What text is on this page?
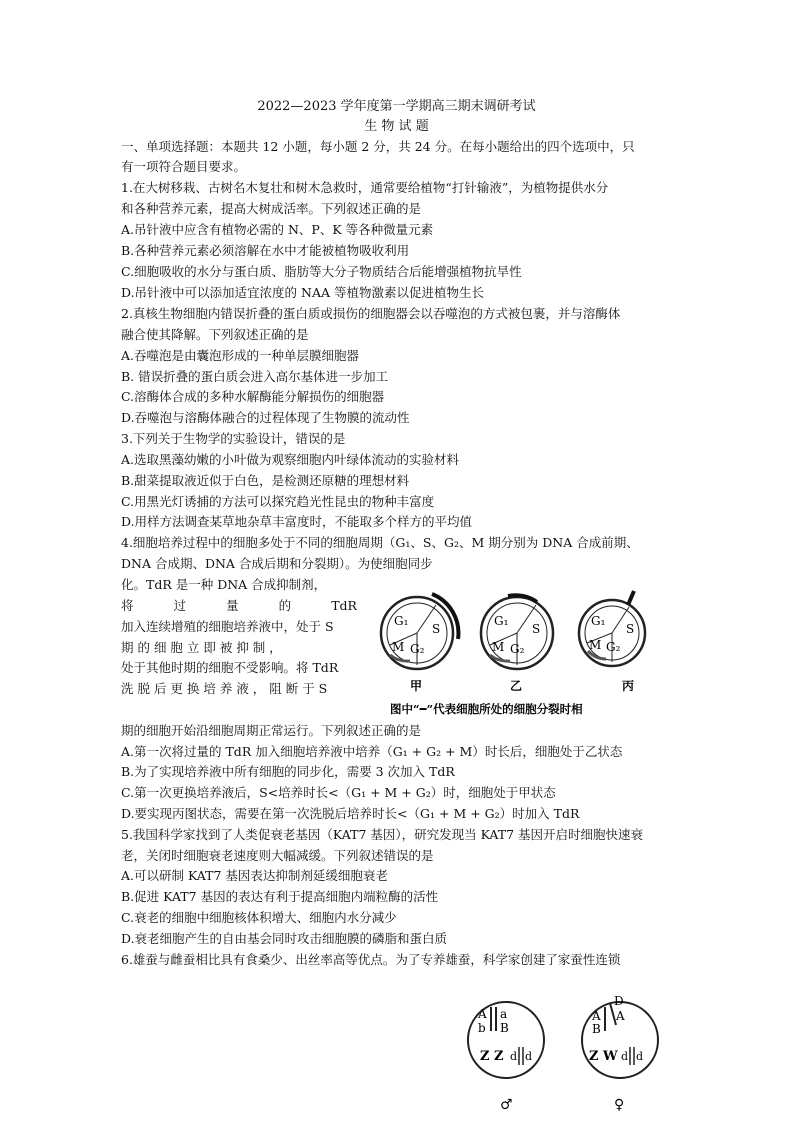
2022—2023 学年度第一学期高三期末调研考试
生 物 试 题
一、单项选择题：本题共 12 小题，每小题 2 分，共 24 分。在每小题给出的四个选项中，只
有一项符合题目要求。
1.在大树移栽、古树名木复壮和树木急救时，通常要给植物“打针输液”，为植物提供水分
和各种营养元素，提高大树成活率。下列叙述正确的是
A.吊针液中应含有植物必需的 N、P、K 等各种微量元素
B.各种营养元素必须溶解在水中才能被植物吸收利用
C.细胞吸收的水分与蛋白质、脂肪等大分子物质结合后能增强植物抗旱性
D.吊针液中可以添加适宜浓度的 NAA 等植物激素以促进植物生长
2.真核生物细胞内错误折叠的蛋白质或损伤的细胞器会以吞噬泡的方式被包裹，并与溶酶体
融合使其降解。下列叙述正确的是
A.吞噬泡是由囊泡形成的一种单层膜细胞器
B. 错误折叠的蛋白质会进入高尔基体进一步加工
C.溶酶体合成的多种水解酶能分解损伤的细胞器
D.吞噬泡与溶酶体融合的过程体现了生物膜的流动性
3.下列关于生物学的实验设计，错误的是
A.选取黑藻幼嫩的小叶做为观察细胞内叶绿体流动的实验材料
B.甜菜提取液近似于白色，是检测还原糖的理想材料
C.用黑光灯诱捕的方法可以探究趋光性昆虫的物种丰富度
D.用样方法调查某草地杂草丰富度时，不能取多个样方的平均值
4.细胞培养过程中的细胞多处于不同的细胞周期（G₁、S、G₂、M 期分别为 DNA 合成前期、
DNA 合成期、DNA 合成后期和分裂期）。为使细胞同步
化。TdR 是一种 DNA 合成抑制剂，
将	过	量	的	TdR
加入连续增殖的细胞培养液中，处于 S
期 的 细 胞 立 即 被 抑 制 ，
处于其他时期的细胞不受影响。将 TdR
洗 脱 后 更 换 培 养 液 ， 阻 断 于 S
期的细胞开始沿细胞周期正常运行。下列叙述正确的是
A.第一次将过量的 TdR 加入细胞培养液中培养（G₁ + G₂ + M）时长后，细胞处于乙状态
B.为了实现培养液中所有细胞的同步化，需要 3 次加入 TdR
C.第一次更换培养液后，S<培养时长<（G₁ + M + G₂）时，细胞处于甲状态
D.要实现丙图状态，需要在第一次洗脱后培养时长<（G₁ + M + G₂）时加入 TdR
G₁
S
M G₂
甲
G₁
S
M G₂
乙
G₁
S
M G₂
丙
图中“━”代表细胞所处的细胞分裂时相
5.我国科学家找到了人类促衰老基因（KAT7 基因），研究发现当 KAT7 基因开启时细胞快速衰
老，关闭时细胞衰老速度则大幅减缓。下列叙述错误的是
A.可以研制 KAT7 基因表达抑制剂延缓细胞衰老
B.促进 KAT7 基因的表达有利于提高细胞内端粒酶的活性
C.衰老的细胞中细胞核体积增大、细胞内水分减少
D.衰老细胞产生的自由基会同时攻击细胞膜的磷脂和蛋白质
6.雄蚕与雌蚕相比具有食桑少、出丝率高等优点。为了专养雄蚕，科学家创建了家蚕性连锁
A a
b B
Z Z d d
♂
D
A A
B
Z W d d
♀
